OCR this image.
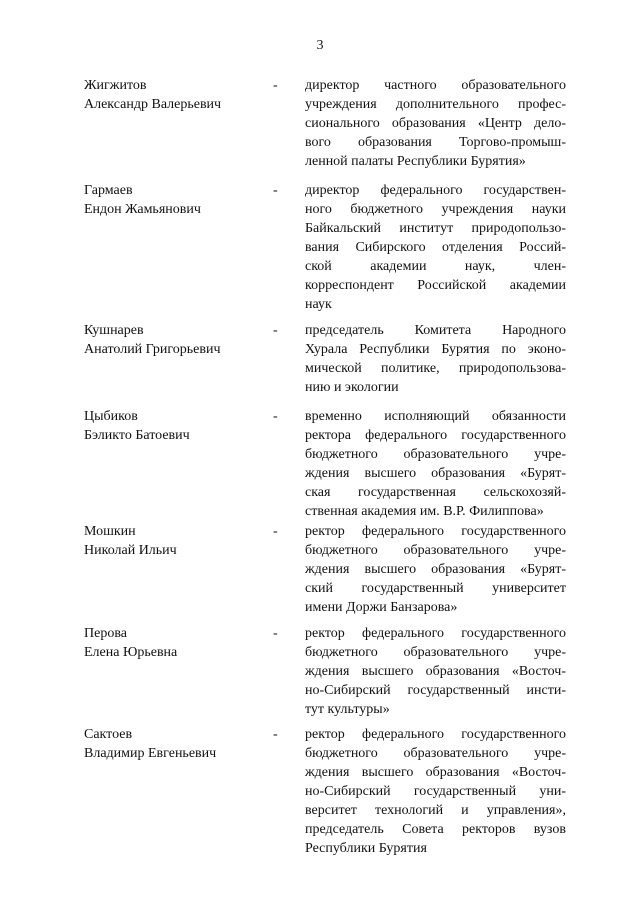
3
Жигжитов
Александр Валерьевич
- директор частного образовательного
учреждения дополнительного профес-
сионального образования «Центр дело-
вого образования Торгово-промыш-
ленной палаты Республики Бурятия»
Гармаев
Ендон Жамьянович
- директор федерального государствен-
ного бюджетного учреждения науки
Байкальский институт природопользо-
вания Сибирского отделения Россий-
ской академии наук, член-
корреспондент Российской академии
наук
Кушнарев
Анатолий Григорьевич
- председатель Комитета Народного
Хурала Республики Бурятия по эконо-
мической политике, природопользова-
нию и экологии
Цыбиков
Бэликто Батоевич
- временно исполняющий обязанности
ректора федерального государственного
бюджетного образовательного учре-
ждения высшего образования «Бурят-
ская государственная сельскохозяй-
ственная академия им. В.Р. Филиппова»
Мошкин
Николай Ильич
- ректор федерального государственного
бюджетного образовательного учре-
ждения высшего образования «Бурят-
ский государственный университет
имени Доржи Банзарова»
Перова
Елена Юрьевна
- ректор федерального государственного
бюджетного образовательного учре-
ждения высшего образования «Восточ-
но-Сибирский государственный инсти-
тут культуры»
Сактоев
Владимир Евгеньевич
- ректор федерального государственного
бюджетного образовательного учре-
ждения высшего образования «Восточ-
но-Сибирский государственный уни-
верситет технологий и управления»,
председатель Совета ректоров вузов
Республики Бурятия
